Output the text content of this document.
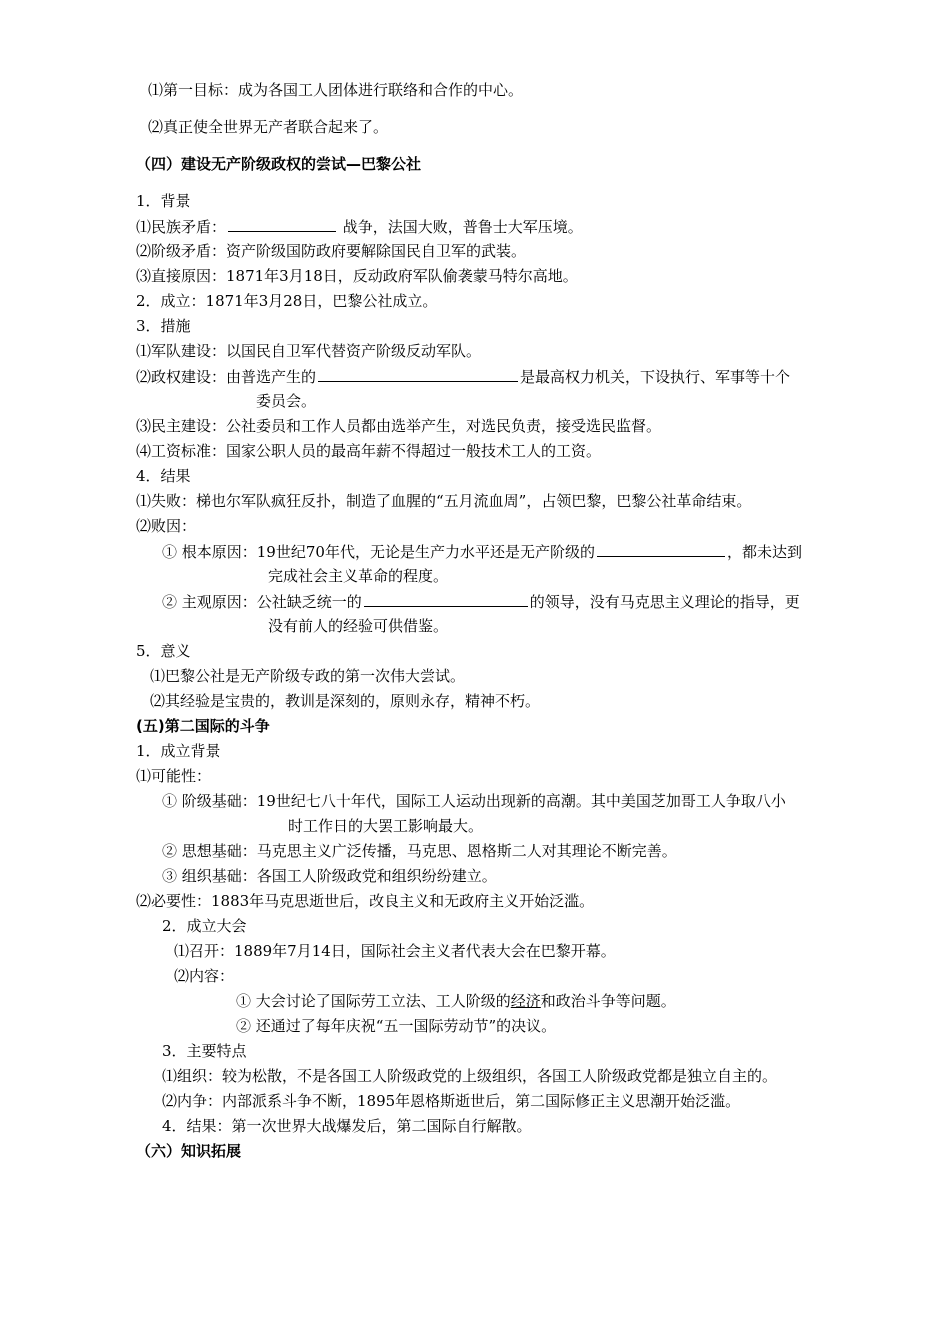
⑴第一目标：成为各国工人团体进行联络和合作的中心。
⑵真正使全世界无产者联合起来了。
（四）建设无产阶级政权的尝试—巴黎公社
1．背景
⑴民族矛盾：	战争，法国大败，普鲁士大军压境。
⑵阶级矛盾：资产阶级国防政府要解除国民自卫军的武装。
⑶直接原因：1871年3月18日，反动政府军队偷袭蒙马特尔高地。
2．成立：1871年3月28日，巴黎公社成立。
3．措施
⑴军队建设：以国民自卫军代替资产阶级反动军队。
⑵政权建设：由普选产生的	是最高权力机关，下设执行、军事等十个
委员会。
⑶民主建设：公社委员和工作人员都由选举产生，对选民负责，接受选民监督。
⑷工资标准：国家公职人员的最高年薪不得超过一般技术工人的工资。
4．结果
⑴失败：梯也尔军队疯狂反扑，制造了血腥的“五月流血周”，占领巴黎，巴黎公社革命结束。
⑵败因：
① 根本原因：19世纪70年代，无论是生产力水平还是无产阶级的	，都未达到
完成社会主义革命的程度。
② 主观原因：公社缺乏统一的	的领导，没有马克思主义理论的指导，更
没有前人的经验可供借鉴。
5．意义
⑴巴黎公社是无产阶级专政的第一次伟大尝试。
⑵其经验是宝贵的，教训是深刻的，原则永存，精神不朽。
(五)第二国际的斗争
1．成立背景
⑴可能性：
① 阶级基础：19世纪七八十年代，国际工人运动出现新的高潮。其中美国芝加哥工人争取八小
时工作日的大罢工影响最大。
② 思想基础：马克思主义广泛传播，马克思、恩格斯二人对其理论不断完善。
③ 组织基础：各国工人阶级政党和组织纷纷建立。
⑵必要性：1883年马克思逝世后，改良主义和无政府主义开始泛滥。
2．成立大会
⑴召开：1889年7月14日，国际社会主义者代表大会在巴黎开幕。
⑵内容：
① 大会讨论了国际劳工立法、工人阶级的经济和政治斗争等问题。
② 还通过了每年庆祝“五一国际劳动节”的决议。
3．主要特点
⑴组织：较为松散，不是各国工人阶级政党的上级组织，各国工人阶级政党都是独立自主的。
⑵内争：内部派系斗争不断，1895年恩格斯逝世后，第二国际修正主义思潮开始泛滥。
4．结果：第一次世界大战爆发后，第二国际自行解散。
（六）知识拓展
